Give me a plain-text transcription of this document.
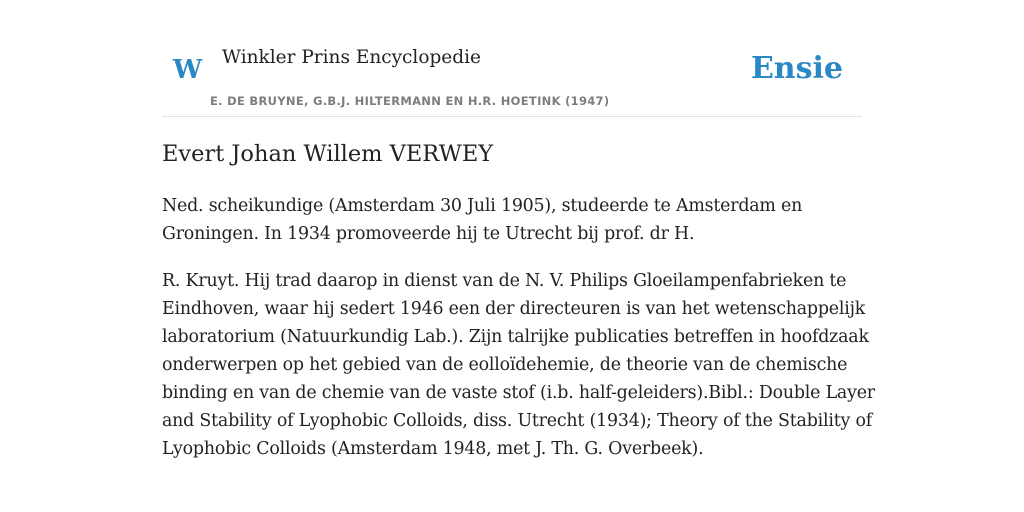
W Winkler Prins Encyclopedie
E. DE BRUYNE, G.B.J. HILTERMANN EN H.R. HOETINK (1947)
Ensie
Evert Johan Willem VERWEY

Ned. scheikundige (Amsterdam 30 Juli 1905), studeerde te Amsterdam en
Groningen. In 1934 promoveerde hij te Utrecht bij prof. dr H.

R. Kruyt. Hij trad daarop in dienst van de N. V. Philips Gloeilampenfabrieken te
Eindhoven, waar hij sedert 1946 een der directeuren is van het wetenschappelijk
laboratorium (Natuurkundig Lab.). Zijn talrijke publicaties betreffen in hoofdzaak
onderwerpen op het gebied van de eolloïdehemie, de theorie van de chemische
binding en van de chemie van de vaste stof (i.b. half-geleiders).Bibl.: Double Layer
and Stability of Lyophobic Colloids, diss. Utrecht (1934); Theory of the Stability of
Lyophobic Colloids (Amsterdam 1948, met J. Th. G. Overbeek).
